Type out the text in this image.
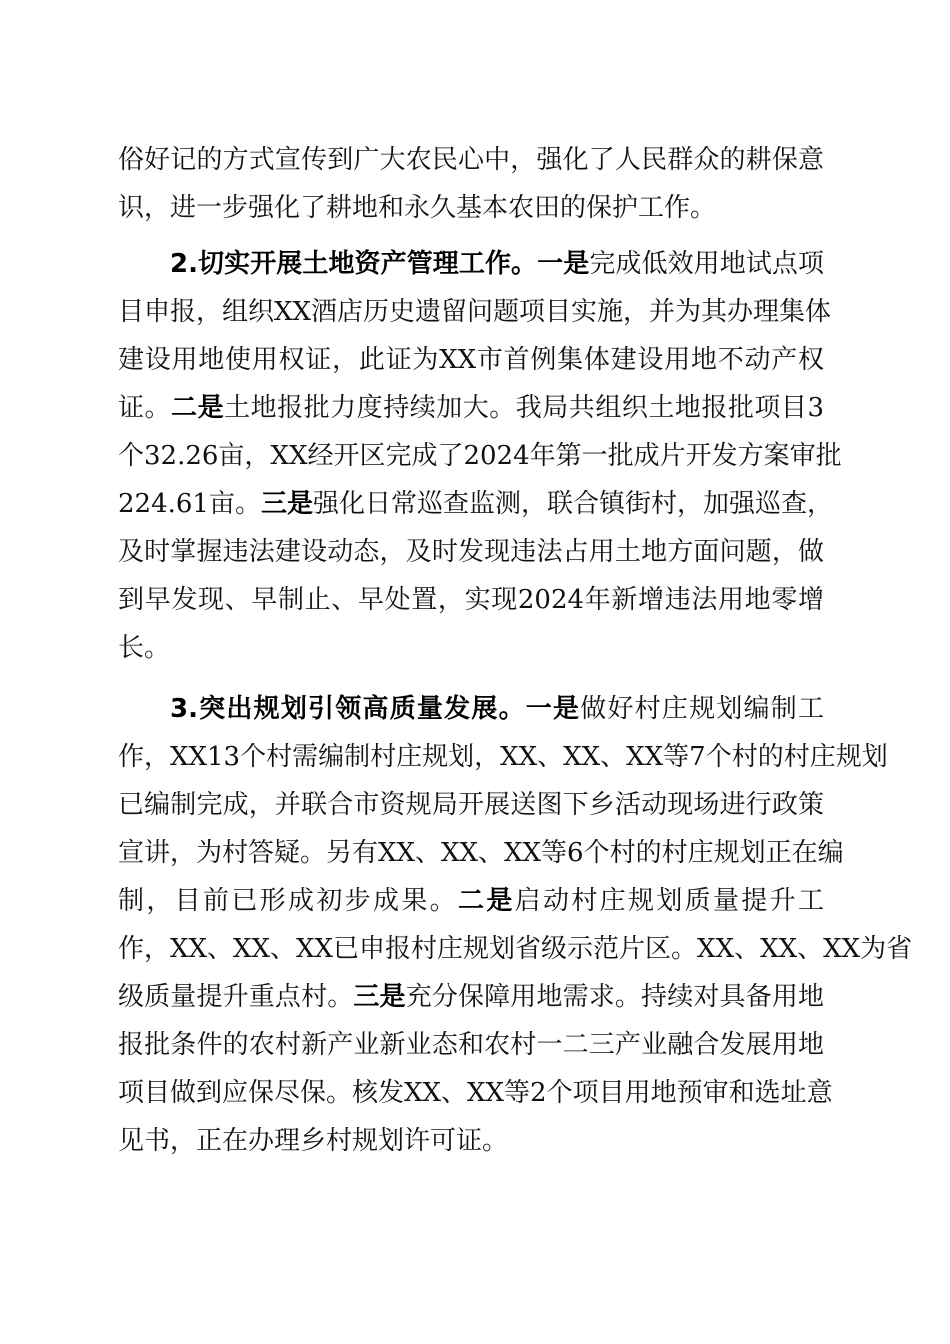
俗好记的方式宣传到广大农民心中，强化了人民群众的耕保意
识，进一步强化了耕地和永久基本农田的保护工作。
2.切实开展土地资产管理工作。一是完成低效用地试点项
目申报，组织XX酒店历史遗留问题项目实施，并为其办理集体
建设用地使用权证，此证为XX市首例集体建设用地不动产权
证。二是土地报批力度持续加大。我局共组织土地报批项目3
个32.26亩，XX经开区完成了2024年第一批成片开发方案审批
224.61亩。三是强化日常巡查监测，联合镇街村，加强巡查，
及时掌握违法建设动态，及时发现违法占用土地方面问题，做
到早发现、早制止、早处置，实现2024年新增违法用地零增
长。
3.突出规划引领高质量发展。一是做好村庄规划编制工
作，XX13个村需编制村庄规划，XX、XX、XX等7个村的村庄规划
已编制完成，并联合市资规局开展送图下乡活动现场进行政策
宣讲，为村答疑。另有XX、XX、XX等6个村的村庄规划正在编
制，目前已形成初步成果。二是启动村庄规划质量提升工
作，XX、XX、XX已申报村庄规划省级示范片区。XX、XX、XX为省
级质量提升重点村。三是充分保障用地需求。持续对具备用地
报批条件的农村新产业新业态和农村一二三产业融合发展用地
项目做到应保尽保。核发XX、XX等2个项目用地预审和选址意
见书，正在办理乡村规划许可证。
